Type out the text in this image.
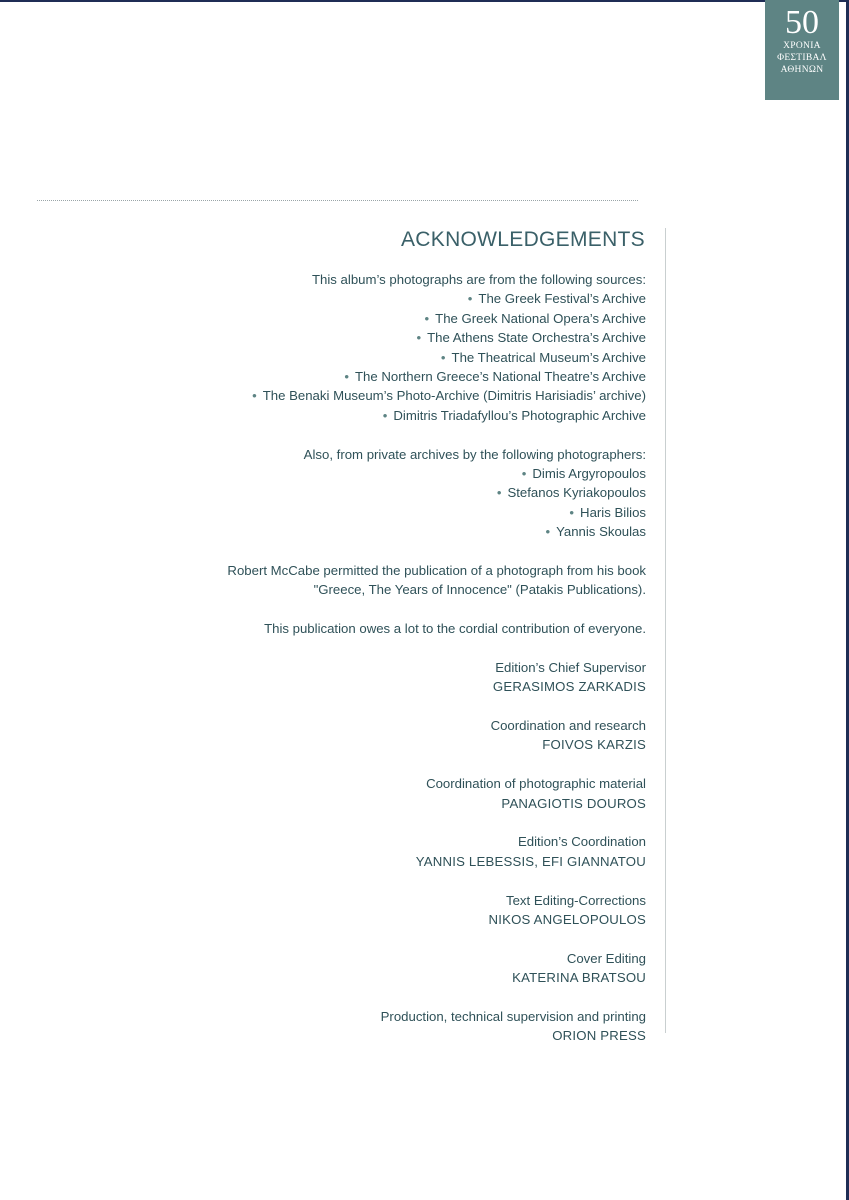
50
ΧΡΟΝΙΑ
ΦΕΣΤΙΒΑΛ
ΑΘΗΝΩΝ
ACKNOWLEDGEMENTS
This album’s photographs are from the following sources:
• The Greek Festival’s Archive
• The Greek National Opera’s Archive
• The Athens State Orchestra’s Archive
• The Theatrical Museum’s Archive
• The Northern Greece’s National Theatre’s Archive
• The Benaki Museum’s Photo-Archive (Dimitris Harisiadis’ archive)
• Dimitris Triadafyllou’s Photographic Archive
Also, from private archives by the following photographers:
• Dimis Argyropoulos
• Stefanos Kyriakopoulos
• Haris Bilios
• Yannis Skoulas
Robert McCabe permitted the publication of a photograph from his book
"Greece, The Years of Innocence" (Patakis Publications).
This publication owes a lot to the cordial contribution of everyone.
Edition’s Chief Supervisor
GERASIMOS ZARKADIS
Coordination and research
FOIVOS KARZIS
Coordination of photographic material
PANAGIOTIS DOUROS
Edition’s Coordination
YANNIS LEBESSIS, EFI GIANNATOU
Text Editing-Corrections
NIKOS ANGELOPOULOS
Cover Editing
KATERINA BRATSOU
Production, technical supervision and printing
ORION PRESS
